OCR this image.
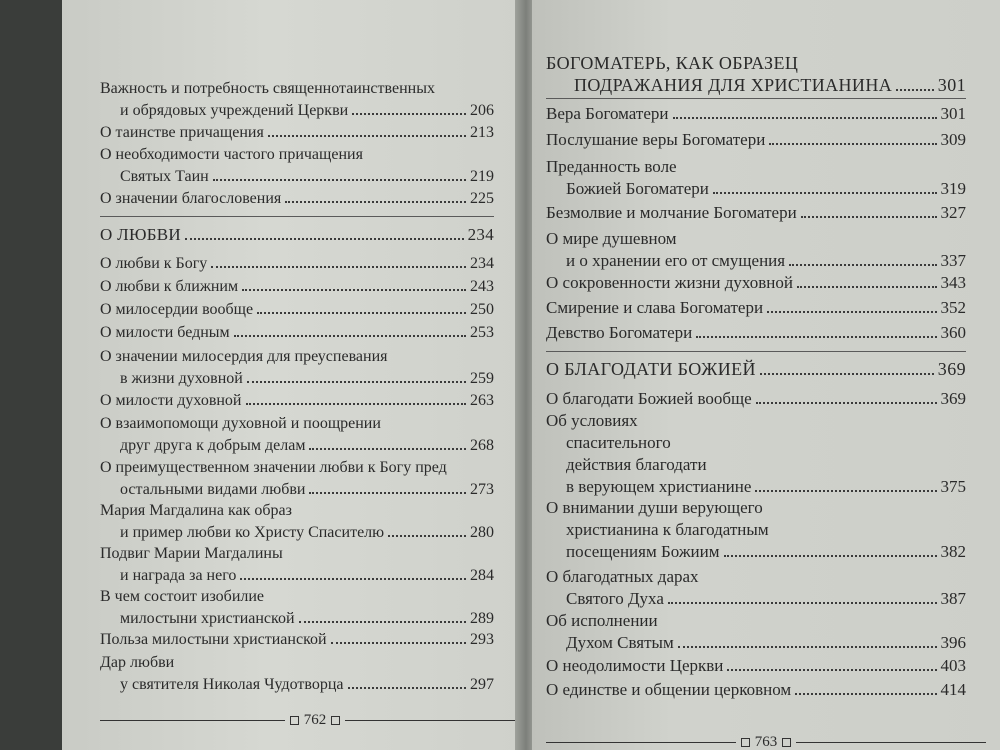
Важность и потребность священнотаинственных
и обрядовых учреждений Церкви	206
О таинстве причащения	213
О необходимости частого причащения
Святых Таин	219
О значении благословения	225
О ЛЮБВИ	234
О любви к Богу	234
О любви к ближним	243
О милосердии вообще	250
О милости бедным	253
О значении милосердия для преуспевания
в жизни духовной	259
О милости духовной	263
О взаимопомощи духовной и поощрении
друг друга к добрым делам	268
О преимущественном значении любви к Богу пред
остальными видами любви	273
Мария Магдалина как образ
и пример любви ко Христу Спасителю	280
Подвиг Марии Магдалины
и награда за него	284
В чем состоит изобилие
милостыни христианской	289
Польза милостыни христианской	293
Дар любви
у святителя Николая Чудотворца	297
762
БОГОМАТЕРЬ, КАК ОБРАЗЕЦ
ПОДРАЖАНИЯ ДЛЯ ХРИСТИАНИНА	301
Вера Богоматери	301
Послушание веры Богоматери	309
Преданность воле
Божией Богоматери	319
Безмолвие и молчание Богоматери	327
О мире душевном
и о хранении его от смущения	337
О сокровенности жизни духовной	343
Смирение и слава Богоматери	352
Девство Богоматери	360
О БЛАГОДАТИ БОЖИЕЙ	369
О благодати Божией вообще	369
Об условиях
спасительного
действия благодати
в верующем христианине	375
О внимании души верующего
христианина к благодатным
посещениям Божиим	382
О благодатных дарах
Святого Духа	387
Об исполнении
Духом Святым	396
О неодолимости Церкви	403
О единстве и общении церковном	414
763
